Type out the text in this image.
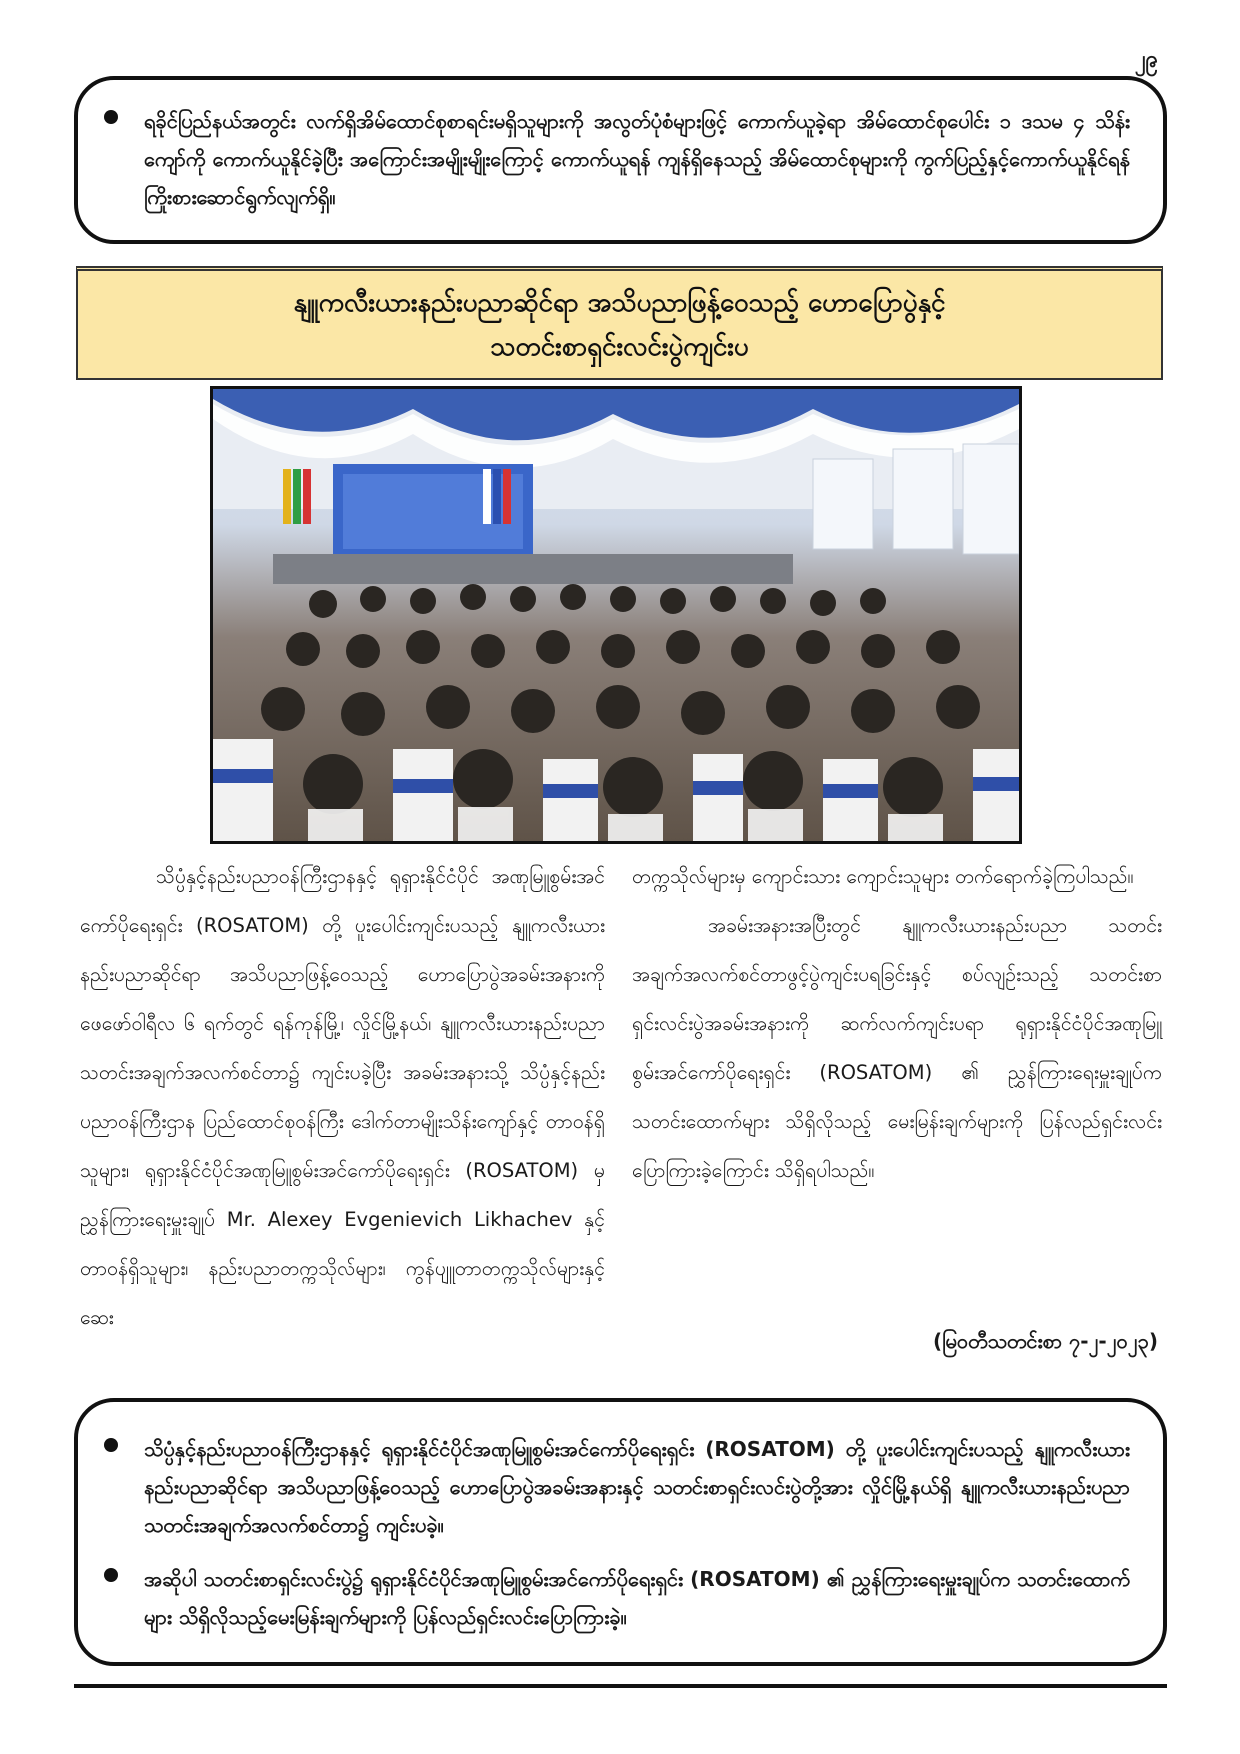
၂၉
ရခိုင်ပြည်နယ်အတွင်း လက်ရှိအိမ်ထောင်စုစာရင်းမရှိသူများကို အလွတ်ပုံစံများဖြင့် ကောက်ယူခဲ့ရာ အိမ်ထောင်စုပေါင်း ၁ ဒသမ ၄ သိန်းကျော်ကို ကောက်ယူနိုင်ခဲ့ပြီး အကြောင်းအမျိုးမျိုးကြောင့် ကောက်ယူရန် ကျန်ရှိနေသည့် အိမ်ထောင်စုများကို ကွက်ပြည့်နှင့်ကောက်ယူနိုင်ရန် ကြိုးစားဆောင်ရွက်လျက်ရှိ။
နျူကလီးယားနည်းပညာဆိုင်ရာ အသိပညာဖြန့်ဝေသည့် ဟောပြောပွဲနှင့်
သတင်းစာရှင်းလင်းပွဲကျင်းပ

သိပ္ပံနှင့်နည်းပညာဝန်ကြီးဌာနနှင့် ရုရှားနိုင်ငံပိုင် အဏုမြူစွမ်းအင်ကော်ပိုရေးရှင်း (ROSATOM) တို့ ပူးပေါင်းကျင်းပသည့် နျူကလီးယားနည်းပညာဆိုင်ရာ အသိပညာဖြန့်ဝေသည့် ဟောပြောပွဲအခမ်းအနားကို ဖေဖော်ဝါရီလ ၆ ရက်တွင် ရန်ကုန်မြို့၊ လှိုင်မြို့နယ်၊ နျူကလီးယားနည်းပညာ သတင်းအချက်အလက်စင်တာ၌ ကျင်းပခဲ့ပြီး အခမ်းအနားသို့ သိပ္ပံနှင့်နည်းပညာဝန်ကြီးဌာန ပြည်ထောင်စုဝန်ကြီး ဒေါက်တာမျိုးသိန်းကျော်နှင့် တာဝန်ရှိသူများ၊ ရုရှားနိုင်ငံပိုင်အဏုမြူစွမ်းအင်ကော်ပိုရေးရှင်း (ROSATOM) မှ ညွှန်ကြားရေးမှူးချုပ် Mr. Alexey Evgenievich Likhachev နှင့် တာဝန်ရှိသူများ၊ နည်းပညာတက္ကသိုလ်များ၊ ကွန်ပျူတာတက္ကသိုလ်များနှင့် ဆေး

တက္ကသိုလ်များမှ ကျောင်းသား ကျောင်းသူများ တက်ရောက်ခဲ့ကြပါသည်။

အခမ်းအနားအပြီးတွင် နျူကလီးယားနည်းပညာ သတင်းအချက်အလက်စင်တာဖွင့်ပွဲကျင်းပရခြင်းနှင့် စပ်လျဉ်းသည့် သတင်းစာရှင်းလင်းပွဲအခမ်းအနားကို ဆက်လက်ကျင်းပရာ ရုရှားနိုင်ငံပိုင်အဏုမြူစွမ်းအင်ကော်ပိုရေးရှင်း (ROSATOM) ၏ ညွှန်ကြားရေးမှူးချုပ်က သတင်းထောက်များ သိရှိလိုသည့် မေးမြန်းချက်များကို ပြန်လည်ရှင်းလင်းပြောကြားခဲ့ကြောင်း သိရှိရပါသည်။

(မြဝတီသတင်းစာ ၇-၂-၂၀၂၃)
သိပ္ပံနှင့်နည်းပညာဝန်ကြီးဌာနနှင့် ရုရှားနိုင်ငံပိုင်အဏုမြူစွမ်းအင်ကော်ပိုရေးရှင်း (ROSATOM) တို့ ပူးပေါင်းကျင်းပသည့် နျူကလီးယားနည်းပညာဆိုင်ရာ အသိပညာဖြန့်ဝေသည့် ဟောပြောပွဲအခမ်းအနားနှင့် သတင်းစာရှင်းလင်းပွဲတို့အား လှိုင်မြို့နယ်ရှိ နျူကလီးယားနည်းပညာသတင်းအချက်အလက်စင်တာ၌ ကျင်းပခဲ့။
အဆိုပါ သတင်းစာရှင်းလင်းပွဲ၌ ရုရှားနိုင်ငံပိုင်အဏုမြူစွမ်းအင်ကော်ပိုရေးရှင်း (ROSATOM) ၏ ညွှန်ကြားရေးမှူးချုပ်က သတင်းထောက်များ သိရှိလိုသည့်မေးမြန်းချက်များကို ပြန်လည်ရှင်းလင်းပြောကြားခဲ့။
